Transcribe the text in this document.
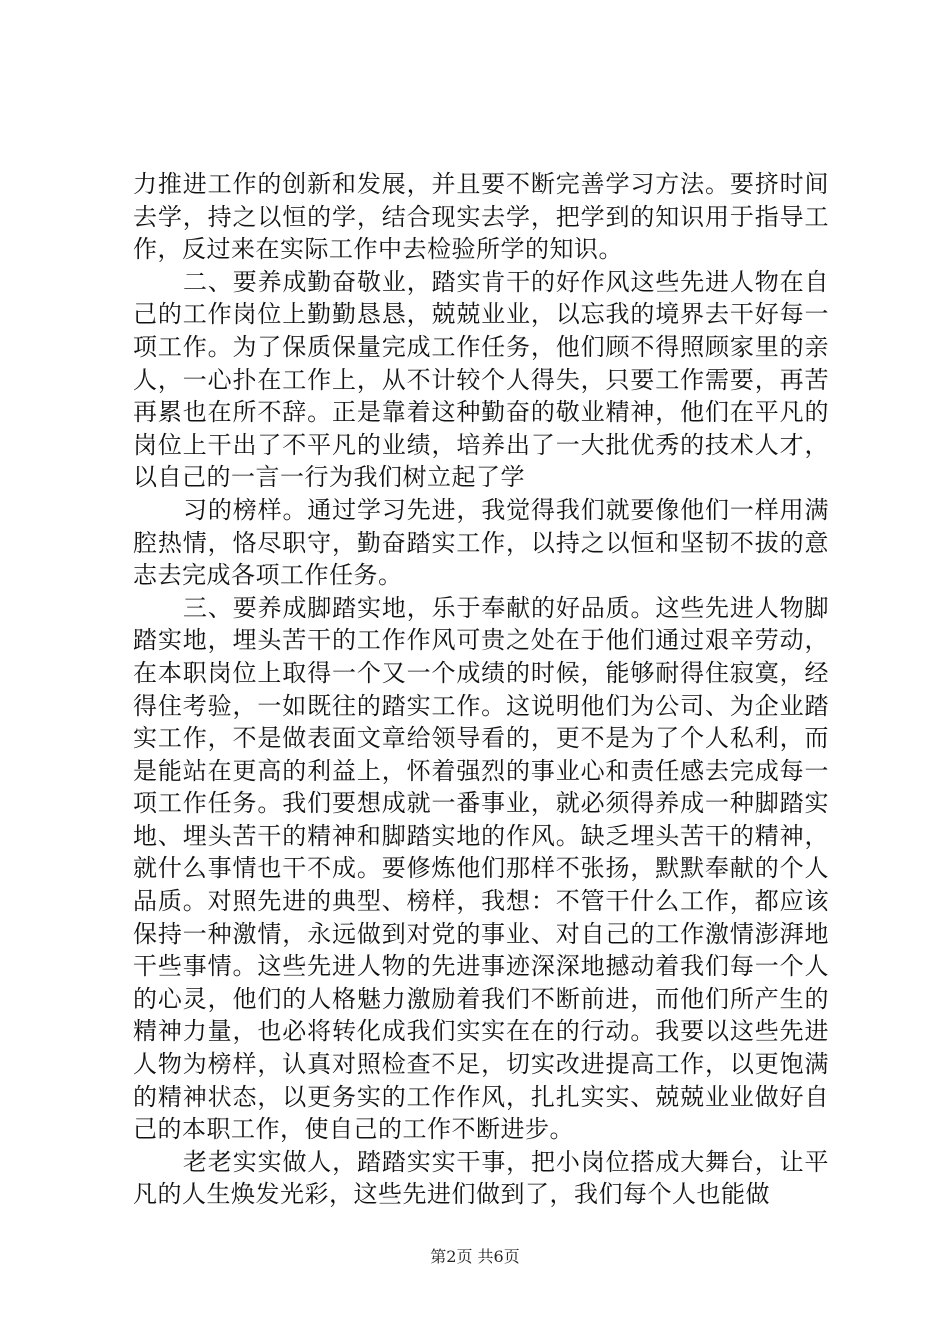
力推进工作的创新和发展，并且要不断完善学习方法。要挤时间去学，持之以恒的学，结合现实去学，把学到的知识用于指导工作，反过来在实际工作中去检验所学的知识。

二、要养成勤奋敬业，踏实肯干的好作风这些先进人物在自己的工作岗位上勤勤恳恳，兢兢业业，以忘我的境界去干好每一项工作。为了保质保量完成工作任务，他们顾不得照顾家里的亲人，一心扑在工作上，从不计较个人得失，只要工作需要，再苦再累也在所不辞。正是靠着这种勤奋的敬业精神，他们在平凡的岗位上干出了不平凡的业绩，培养出了一大批优秀的技术人才，以自己的一言一行为我们树立起了学

习的榜样。通过学习先进，我觉得我们就要像他们一样用满腔热情，恪尽职守，勤奋踏实工作，以持之以恒和坚韧不拔的意志去完成各项工作任务。

三、要养成脚踏实地，乐于奉献的好品质。这些先进人物脚踏实地，埋头苦干的工作作风可贵之处在于他们通过艰辛劳动，在本职岗位上取得一个又一个成绩的时候，能够耐得住寂寞，经得住考验，一如既往的踏实工作。这说明他们为公司、为企业踏实工作，不是做表面文章给领导看的，更不是为了个人私利，而是能站在更高的利益上，怀着强烈的事业心和责任感去完成每一项工作任务。我们要想成就一番事业，就必须得养成一种脚踏实地、埋头苦干的精神和脚踏实地的作风。缺乏埋头苦干的精神，就什么事情也干不成。要修炼他们那样不张扬，默默奉献的个人品质。对照先进的典型、榜样，我想：不管干什么工作，都应该保持一种激情，永远做到对党的事业、对自己的工作激情澎湃地干些事情。这些先进人物的先进事迹深深地撼动着我们每一个人的心灵，他们的人格魅力激励着我们不断前进，而他们所产生的精神力量，也必将转化成我们实实在在的行动。我要以这些先进人物为榜样，认真对照检查不足，切实改进提高工作，以更饱满的精神状态，以更务实的工作作风，扎扎实实、兢兢业业做好自己的本职工作，使自己的工作不断进步。

老老实实做人，踏踏实实干事，把小岗位搭成大舞台，让平凡的人生焕发光彩，这些先进们做到了，我们每个人也能做

第2页 共6页
